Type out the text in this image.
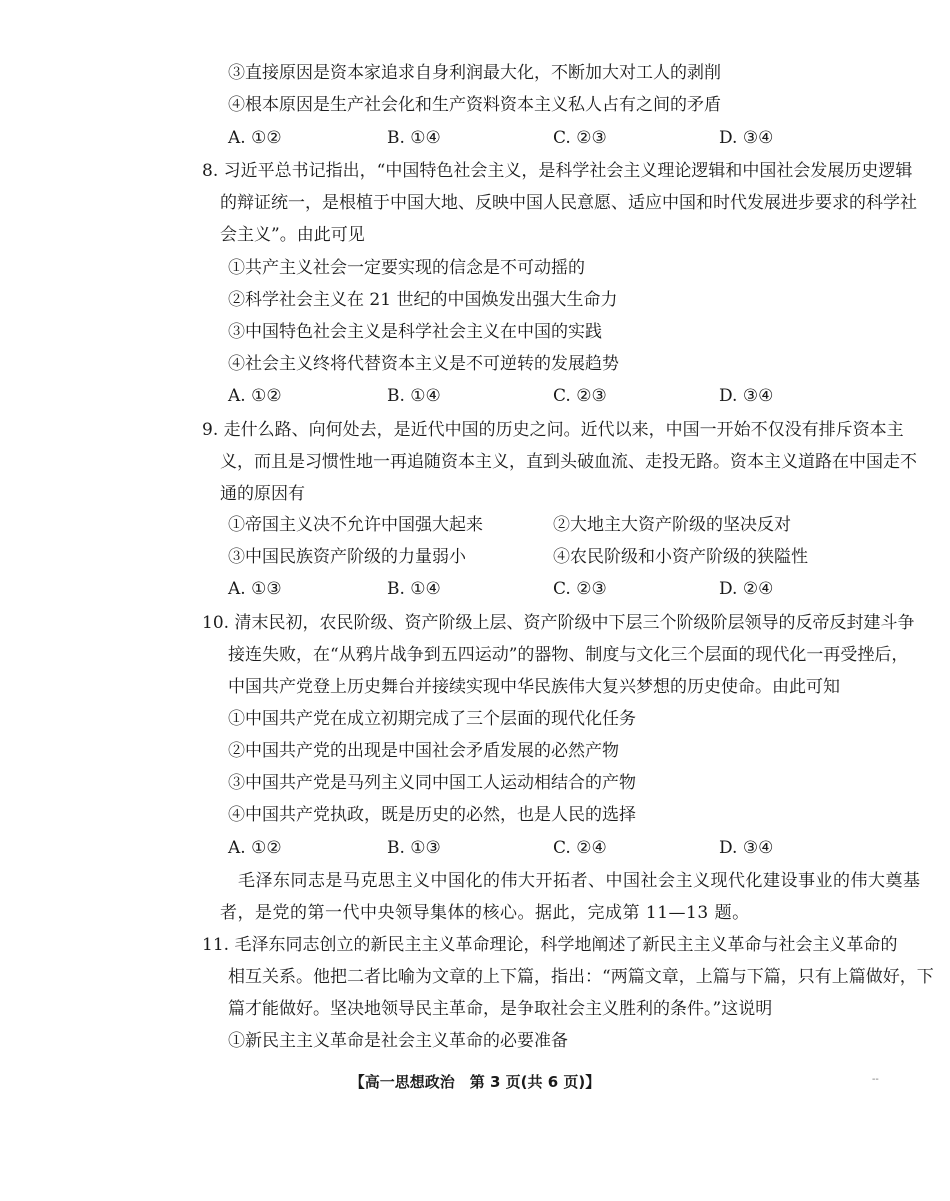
③直接原因是资本家追求自身利润最大化，不断加大对工人的剥削
④根本原因是生产社会化和生产资料资本主义私人占有之间的矛盾
A. ①②	B. ①④	C. ②③	D. ③④
8. 习近平总书记指出，“中国特色社会主义，是科学社会主义理论逻辑和中国社会发展历史逻辑
的辩证统一，是根植于中国大地、反映中国人民意愿、适应中国和时代发展进步要求的科学社
会主义”。由此可见
①共产主义社会一定要实现的信念是不可动摇的
②科学社会主义在 21 世纪的中国焕发出强大生命力
③中国特色社会主义是科学社会主义在中国的实践
④社会主义终将代替资本主义是不可逆转的发展趋势
A. ①②	B. ①④	C. ②③	D. ③④
9. 走什么路、向何处去，是近代中国的历史之问。近代以来，中国一开始不仅没有排斥资本主
义，而且是习惯性地一再追随资本主义，直到头破血流、走投无路。资本主义道路在中国走不
通的原因有
①帝国主义决不允许中国强大起来	②大地主大资产阶级的坚决反对
③中国民族资产阶级的力量弱小	④农民阶级和小资产阶级的狭隘性
A. ①③	B. ①④	C. ②③	D. ②④
10. 清末民初，农民阶级、资产阶级上层、资产阶级中下层三个阶级阶层领导的反帝反封建斗争
接连失败，在“从鸦片战争到五四运动”的器物、制度与文化三个层面的现代化一再受挫后，
中国共产党登上历史舞台并接续实现中华民族伟大复兴梦想的历史使命。由此可知
①中国共产党在成立初期完成了三个层面的现代化任务
②中国共产党的出现是中国社会矛盾发展的必然产物
③中国共产党是马列主义同中国工人运动相结合的产物
④中国共产党执政，既是历史的必然，也是人民的选择
A. ①②	B. ①③	C. ②④	D. ③④
毛泽东同志是马克思主义中国化的伟大开拓者、中国社会主义现代化建设事业的伟大奠基
者，是党的第一代中央领导集体的核心。据此，完成第 11—13 题。
11. 毛泽东同志创立的新民主主义革命理论，科学地阐述了新民主主义革命与社会主义革命的
相互关系。他把二者比喻为文章的上下篇，指出：“两篇文章，上篇与下篇，只有上篇做好，下
篇才能做好。坚决地领导民主革命，是争取社会主义胜利的条件。”这说明
①新民主主义革命是社会主义革命的必要准备
【高一思想政治　第 3 页(共 6 页)】	--
